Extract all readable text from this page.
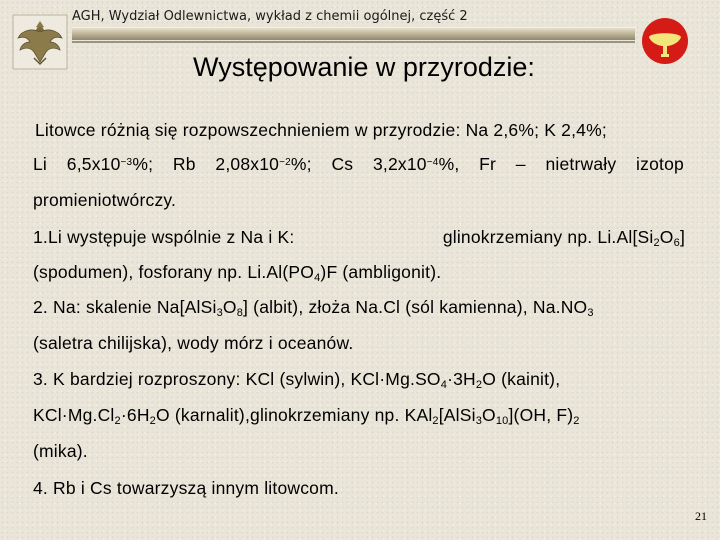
AGH, Wydział Odlewnictwa, wykład z chemii ogólnej, część 2
Występowanie w przyrodzie:
Litowce różnią się rozpowszechnieniem w przyrodzie: Na 2,6%; K 2,4%;
Li $6,5x10^{-3}\%$; Rb $2,08x10^{-2}\%$; Cs $3,2x10^{-4}\%$, Fr – nietrwały izotop
promieniotwórczy.
1.Li występuje wspólnie z Na i K:	glinokrzemiany np. $Li.Al[Si_2O_6]$
(spodumen), fosforany np. $Li.Al(PO_4)F$ (ambligonit).
2. Na: skalenie $Na[AlSi_3O_8]$ (albit), złoża Na.Cl (sól kamienna), $Na.NO_3$
(saletra chilijska), wody mórz i oceanów.
3. K bardziej rozproszony: KCl (sylwin), $KCl\cdot Mg.SO_4\cdot 3H_2O$ (kainit),
$KCl\cdot Mg.Cl_2\cdot 6H_2O$ (karnalit),glinokrzemiany np. $KAl_2[AlSi_3O_{10}](OH$, $F)_2$
(mika).
4. Rb i Cs towarzyszą innym litowcom.
21
